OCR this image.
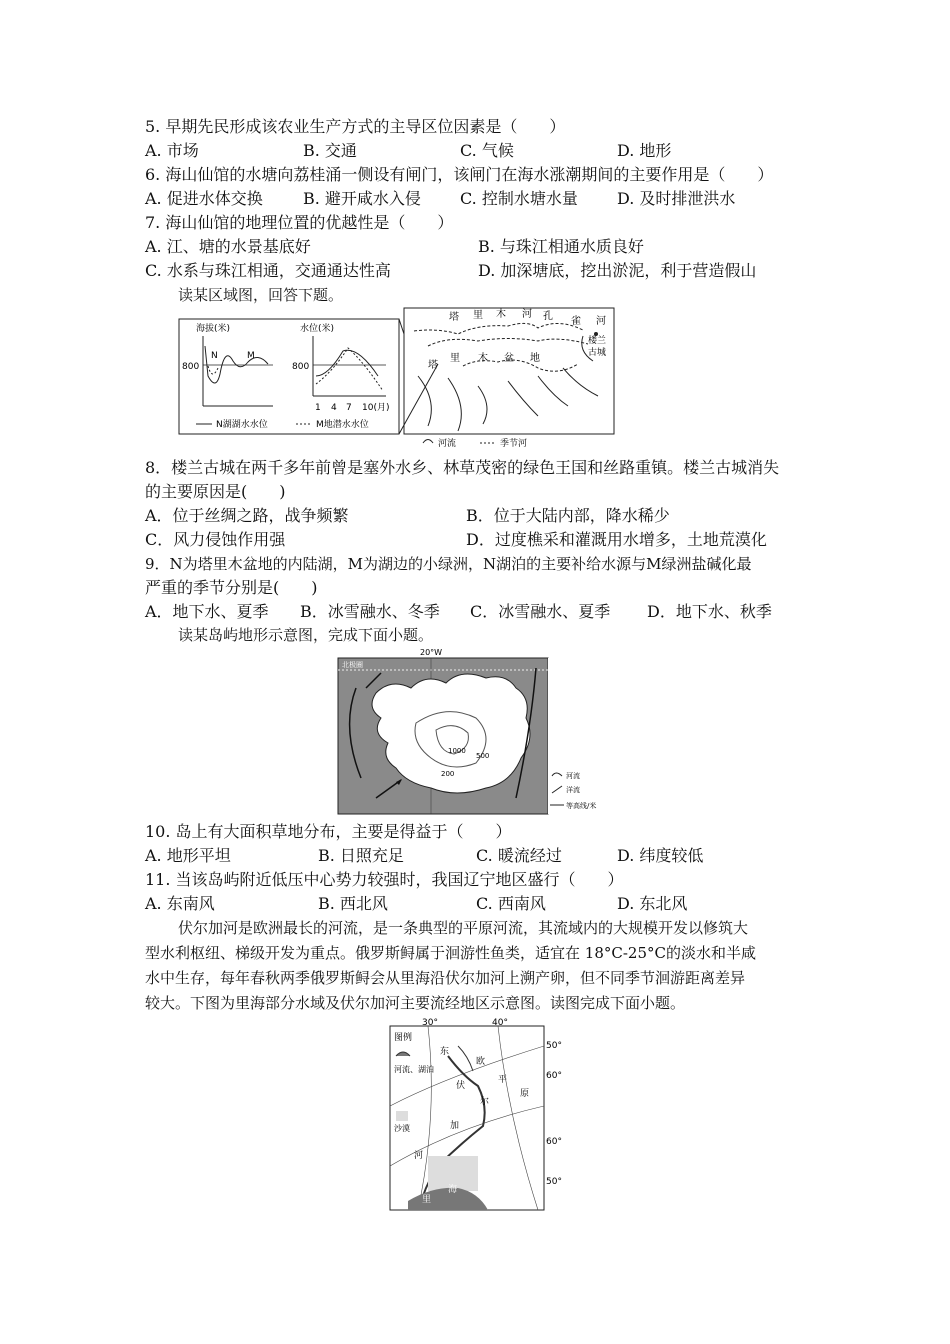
5. 早期先民形成该农业生产方式的主导区位因素是（　　）
A. 市场	B. 交通	C. 气候	D. 地形
6. 海山仙馆的水塘向荔桂涌一侧设有闸门，该闸门在海水涨潮期间的主要作用是（　　）
A. 促进水体交换	B. 避开咸水入侵 C. 控制水塘水量 D. 及时排泄洪水
7. 海山仙馆的地理位置的优越性是（　　）
A. 江、塘的水景基底好	B. 与珠江相通水质良好
C. 水系与珠江相通，交通通达性高	D. 加深塘底，挖出淤泥，利于营造假山
读某区域图，回答下题。
海拔(米)
800
N	M
水位(米)
800
1 4 7 10(月)
N湖湖水水位	M地潜水水位
塔 里 木 河 孔 雀 河
楼兰
古城
塔
里 木 盆 地
河流	季节河
8．楼兰古城在两千多年前曾是塞外水乡、林草茂密的绿色王国和丝路重镇。楼兰古城消失
的主要原因是(　　)
A．位于丝绸之路，战争频繁	B．位于大陆内部，降水稀少
C．风力侵蚀作用强	D．过度樵采和灌溉用水增多，土地荒漠化
9．N为塔里木盆地的内陆湖，M为湖边的小绿洲，N湖泊的主要补给水源与M绿洲盐碱化最
严重的季节分别是(　　)
A．地下水、夏季 B．冰雪融水、冬季 C．冰雪融水、夏季 D．地下水、秋季
读某岛屿地形示意图，完成下面小题。
北极圈
20°W
1000
500
200	河流
洋流
等高线/米
10. 岛上有大面积草地分布，主要是得益于（　　）
A. 地形平坦	B. 日照充足	C. 暖流经过	D. 纬度较低
11. 当该岛屿附近低压中心势力较强时，我国辽宁地区盛行（　　）
A. 东南风	B. 西北风	C. 西南风	D. 东北风
伏尔加河是欧洲最长的河流，是一条典型的平原河流，其流域内的大规模开发以修筑大
型水利枢纽、梯级开发为重点。俄罗斯鲟属于洄游性鱼类，适宜在 18°C-25°C的淡水和半咸
水中生存，每年春秋两季俄罗斯鲟会从里海沿伏尔加河上溯产卵，但不同季节洄游距离差异
较大。下图为里海部分水域及伏尔加河主要流经地区示意图。读图完成下面小题。
30°	40°
50°
60°
60°
50°
图例
河流、湖泊
沙漠
东
欧
伏
平
原
尔
加
河
里
海
